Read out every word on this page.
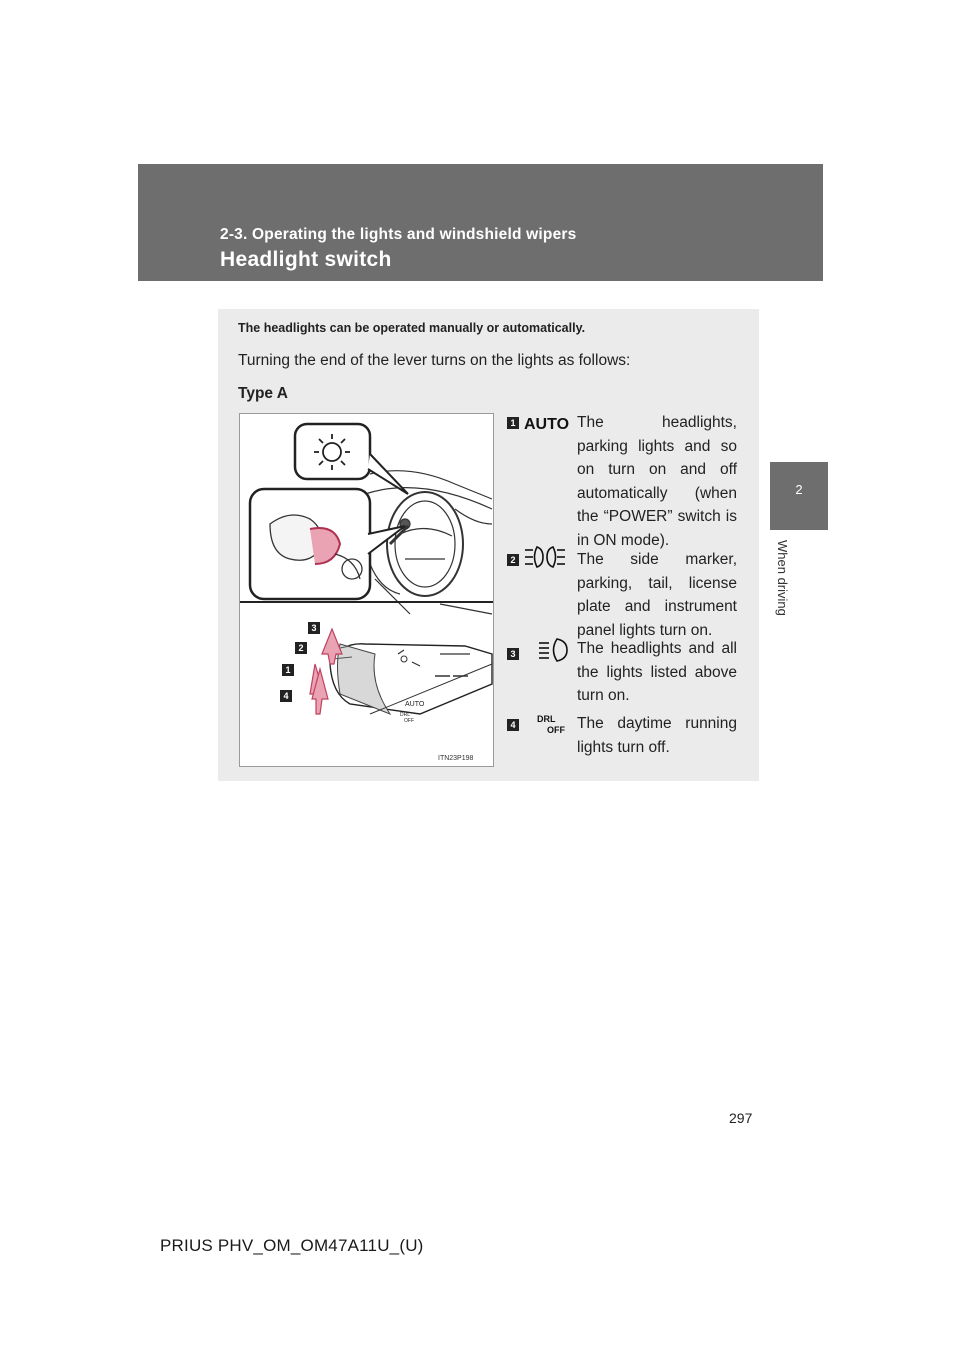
2-3. Operating the lights and windshield wipers
Headlight switch
2
When driving
The headlights can be operated manually or automatically.
Turning the end of the lever turns on the lights as follows:
Type A
3
2
1
4
AUTO
DRL
OFF
ITN23P198
1 AUTO The headlights, parking lights and so on turn on and off automatically (when the “POWER” switch is in ON mode).
2	The side marker, parking, tail, license plate and instrument panel lights turn on.
3	The headlights and all the lights listed above turn on.
4
DRL
OFF The daytime running lights turn off.
297
PRIUS PHV_OM_OM47A11U_(U)
